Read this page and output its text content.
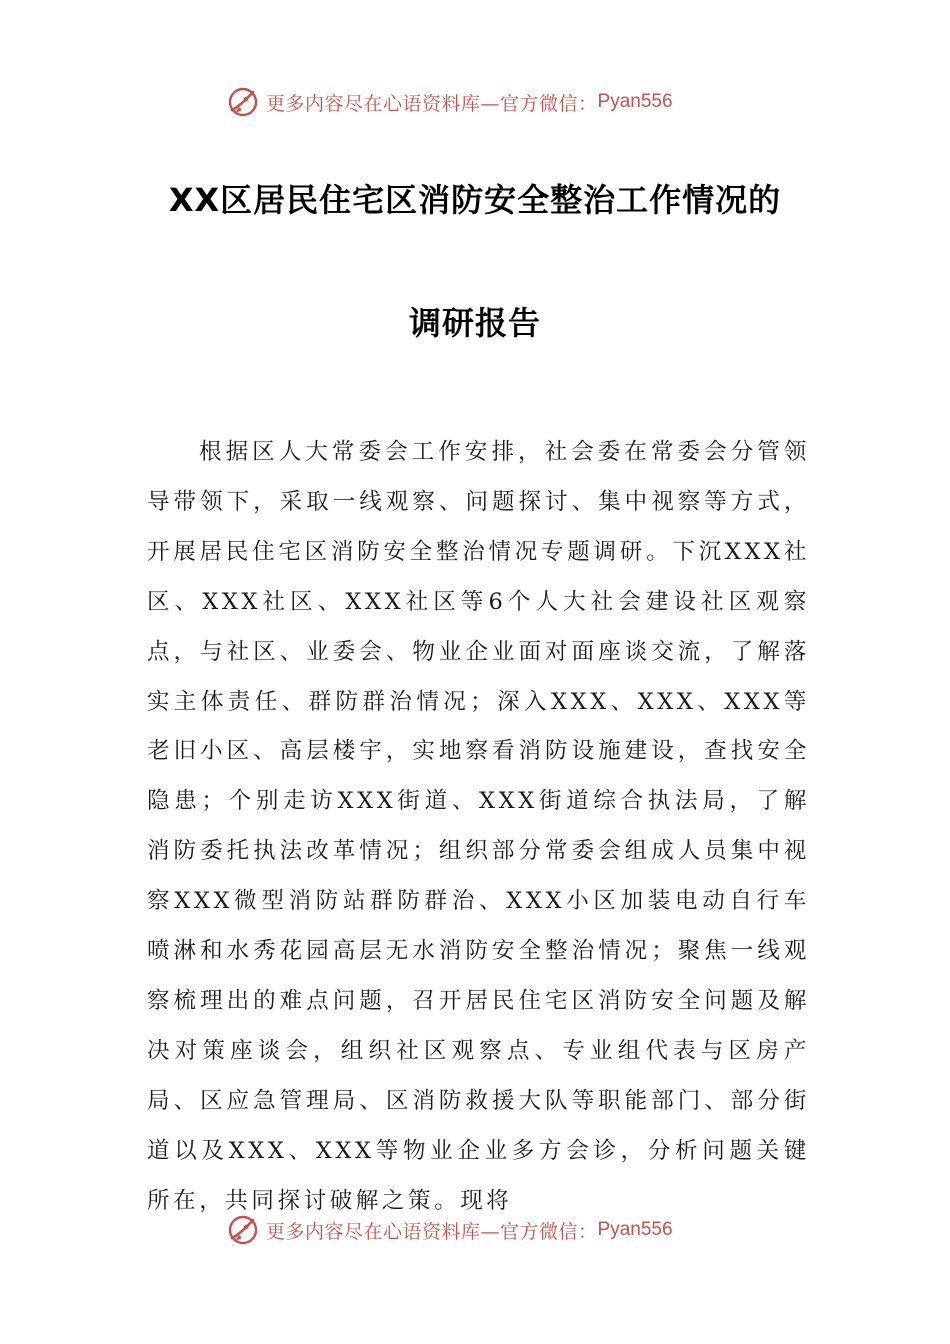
更多内容尽在心语资料库—官方微信： Pyan556
XX区居民住宅区消防安全整治工作情况的
调研报告

根据区人大常委会工作安排，社会委在常委会分管领导带领下，采取一线观察、问题探讨、集中视察等方式，开展居民住宅区消防安全整治情况专题调研。下沉XXX社区、XXX社区、XXX社区等6个人大社会建设社区观察点，与社区、业委会、物业企业面对面座谈交流，了解落实主体责任、群防群治情况；深入XXX、XXX、XXX等老旧小区、高层楼宇，实地察看消防设施建设，查找安全隐患；个别走访XXX街道、XXX街道综合执法局，了解消防委托执法改革情况；组织部分常委会组成人员集中视察XXX微型消防站群防群治、XXX小区加装电动自行车喷淋和水秀花园高层无水消防安全整治情况；聚焦一线观察梳理出的难点问题，召开居民住宅区消防安全问题及解决对策座谈会，组织社区观察点、专业组代表与区房产局、区应急管理局、区消防救援大队等职能部门、部分街道以及XXX、XXX等物业企业多方会诊，分析问题关键所在，共同探讨破解之策。现将

更多内容尽在心语资料库—官方微信： Pyan556
